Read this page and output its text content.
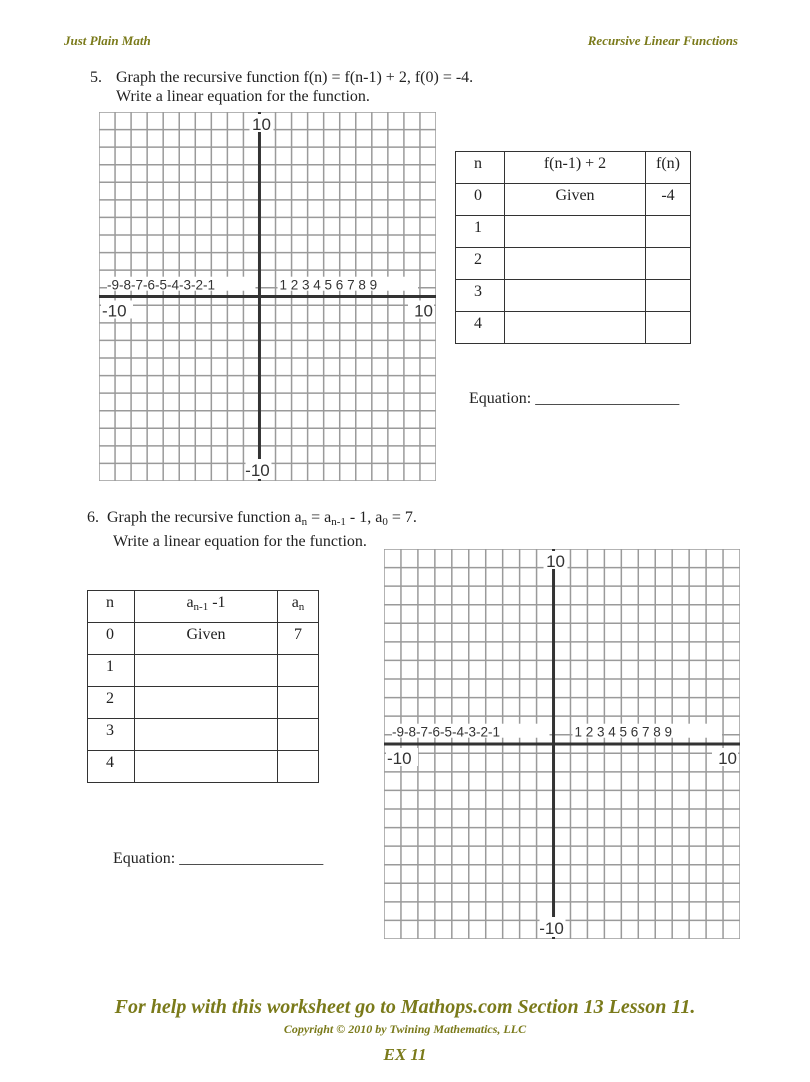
Just Plain Math	Recursive Linear Functions
5. Graph the recursive function f(n) = f(n-1) + 2, f(0) = -4.
Write a linear equation for the function.
10
-10
-10	10
-9-8-7-6-5-4-3-2-1	1 2 3 4 5 6 7 8 9
n	f(n-1) + 2	f(n)
0	Given	-4
1		
2		
3		
4		
Equation: __________________
6. Graph the recursive function $a_n = a_{n-1} - 1$, $a_0 = 7$.
Write a linear equation for the function.
n	$a_{n-1}$ -1	$a_n$
0	Given	7
1		
2		
3		
4		
Equation: __________________
10
-10
-10	10
-9-8-7-6-5-4-3-2-1	1 2 3 4 5 6 7 8 9
For help with this worksheet go to Mathops.com Section 13 Lesson 11.
Copyright © 2010 by Twining Mathematics, LLC
EX 11
